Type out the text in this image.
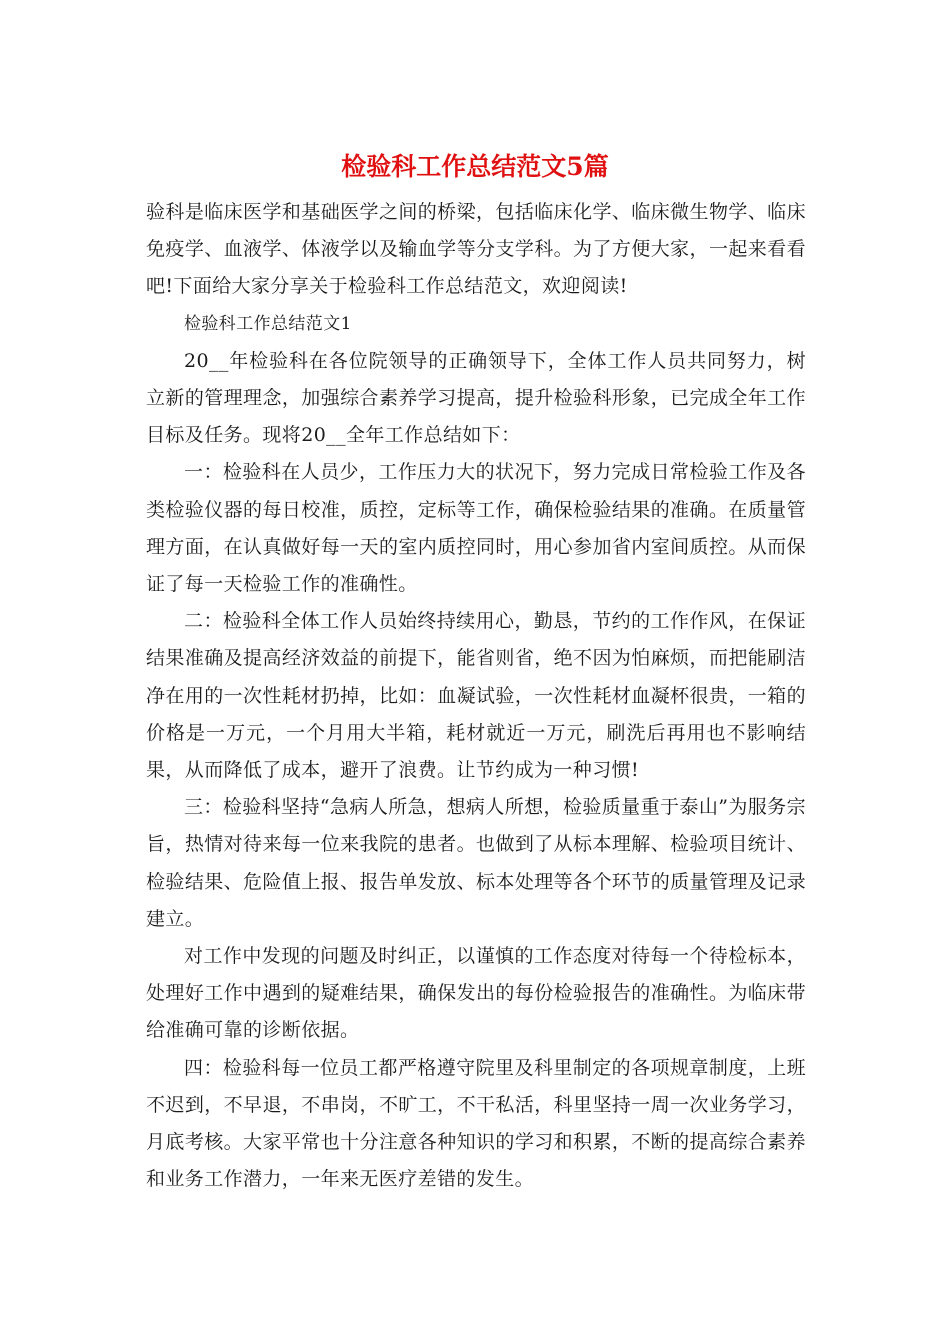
检验科工作总结范文5篇

验科是临床医学和基础医学之间的桥梁，包括临床化学、临床微生物学、临床免疫学、血液学、体液学以及输血学等分支学科。为了方便大家，一起来看看吧!下面给大家分享关于检验科工作总结范文，欢迎阅读!

检验科工作总结范文1

20__年检验科在各位院领导的正确领导下，全体工作人员共同努力，树立新的管理理念，加强综合素养学习提高，提升检验科形象，已完成全年工作目标及任务。现将20__全年工作总结如下：

一：检验科在人员少，工作压力大的状况下，努力完成日常检验工作及各类检验仪器的每日校准，质控，定标等工作，确保检验结果的准确。在质量管理方面，在认真做好每一天的室内质控同时，用心参加省内室间质控。从而保证了每一天检验工作的准确性。

二：检验科全体工作人员始终持续用心，勤恳，节约的工作作风，在保证结果准确及提高经济效益的前提下，能省则省，绝不因为怕麻烦，而把能刷洁净在用的一次性耗材扔掉，比如：血凝试验，一次性耗材血凝杯很贵，一箱的价格是一万元，一个月用大半箱，耗材就近一万元，刷洗后再用也不影响结果，从而降低了成本，避开了浪费。让节约成为一种习惯!

三：检验科坚持“急病人所急，想病人所想，检验质量重于泰山”为服务宗旨，热情对待来每一位来我院的患者。也做到了从标本理解、检验项目统计、检验结果、危险值上报、报告单发放、标本处理等各个环节的质量管理及记录建立。

对工作中发现的问题及时纠正，以谨慎的工作态度对待每一个待检标本，处理好工作中遇到的疑难结果，确保发出的每份检验报告的准确性。为临床带给准确可靠的诊断依据。

四：检验科每一位员工都严格遵守院里及科里制定的各项规章制度，上班不迟到，不早退，不串岗，不旷工，不干私活，科里坚持一周一次业务学习，月底考核。大家平常也十分注意各种知识的学习和积累，不断的提高综合素养和业务工作潜力，一年来无医疗差错的发生。
